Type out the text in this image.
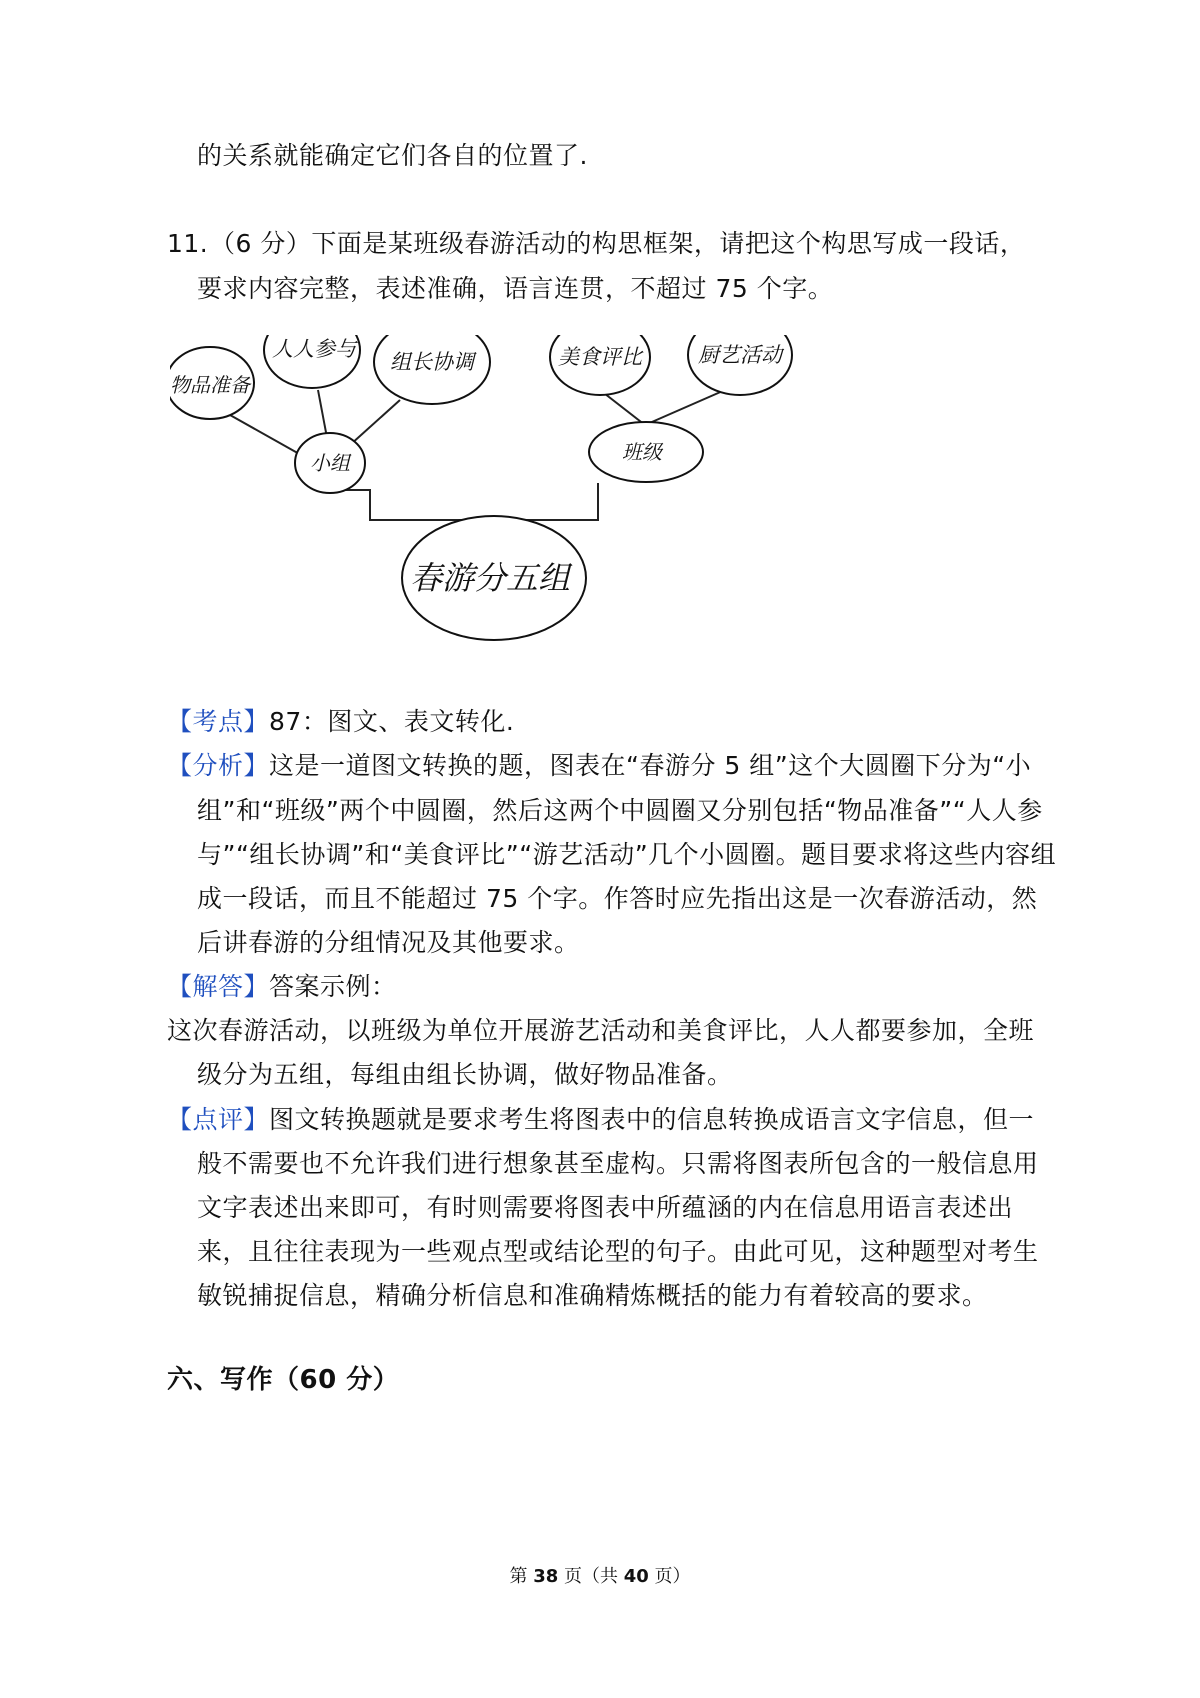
的关系就能确定它们各自的位置了.
11. （6 分）下面是某班级春游活动的构思框架，请把这个构思写成一段话，
要求内容完整，表述准确，语言连贯，不超过 75 个字。
物品准备
人人参与
组长协调	美食评比	厨艺活动
小组	班级
春游分五组
【考点】87：图文、表文转化.
【分析】这是一道图文转换的题，图表在“春游分 5 组”这个大圆圈下分为“小
组”和“班级”两个中圆圈，然后这两个中圆圈又分别包括“物品准备”“人人参
与”“组长协调”和“美食评比”“游艺活动”几个小圆圈。题目要求将这些内容组
成一段话，而且不能超过 75 个字。作答时应先指出这是一次春游活动，然
后讲春游的分组情况及其他要求。
【解答】答案示例：
这次春游活动，以班级为单位开展游艺活动和美食评比，人人都要参加，全班
级分为五组，每组由组长协调，做好物品准备。
【点评】图文转换题就是要求考生将图表中的信息转换成语言文字信息，但一
般不需要也不允许我们进行想象甚至虚构。只需将图表所包含的一般信息用
文字表述出来即可，有时则需要将图表中所蕴涵的内在信息用语言表述出
来，且往往表现为一些观点型或结论型的句子。由此可见，这种题型对考生
敏锐捕捉信息，精确分析信息和准确精炼概括的能力有着较高的要求。
六、写作（60 分）
第 38 页（共 40 页）
